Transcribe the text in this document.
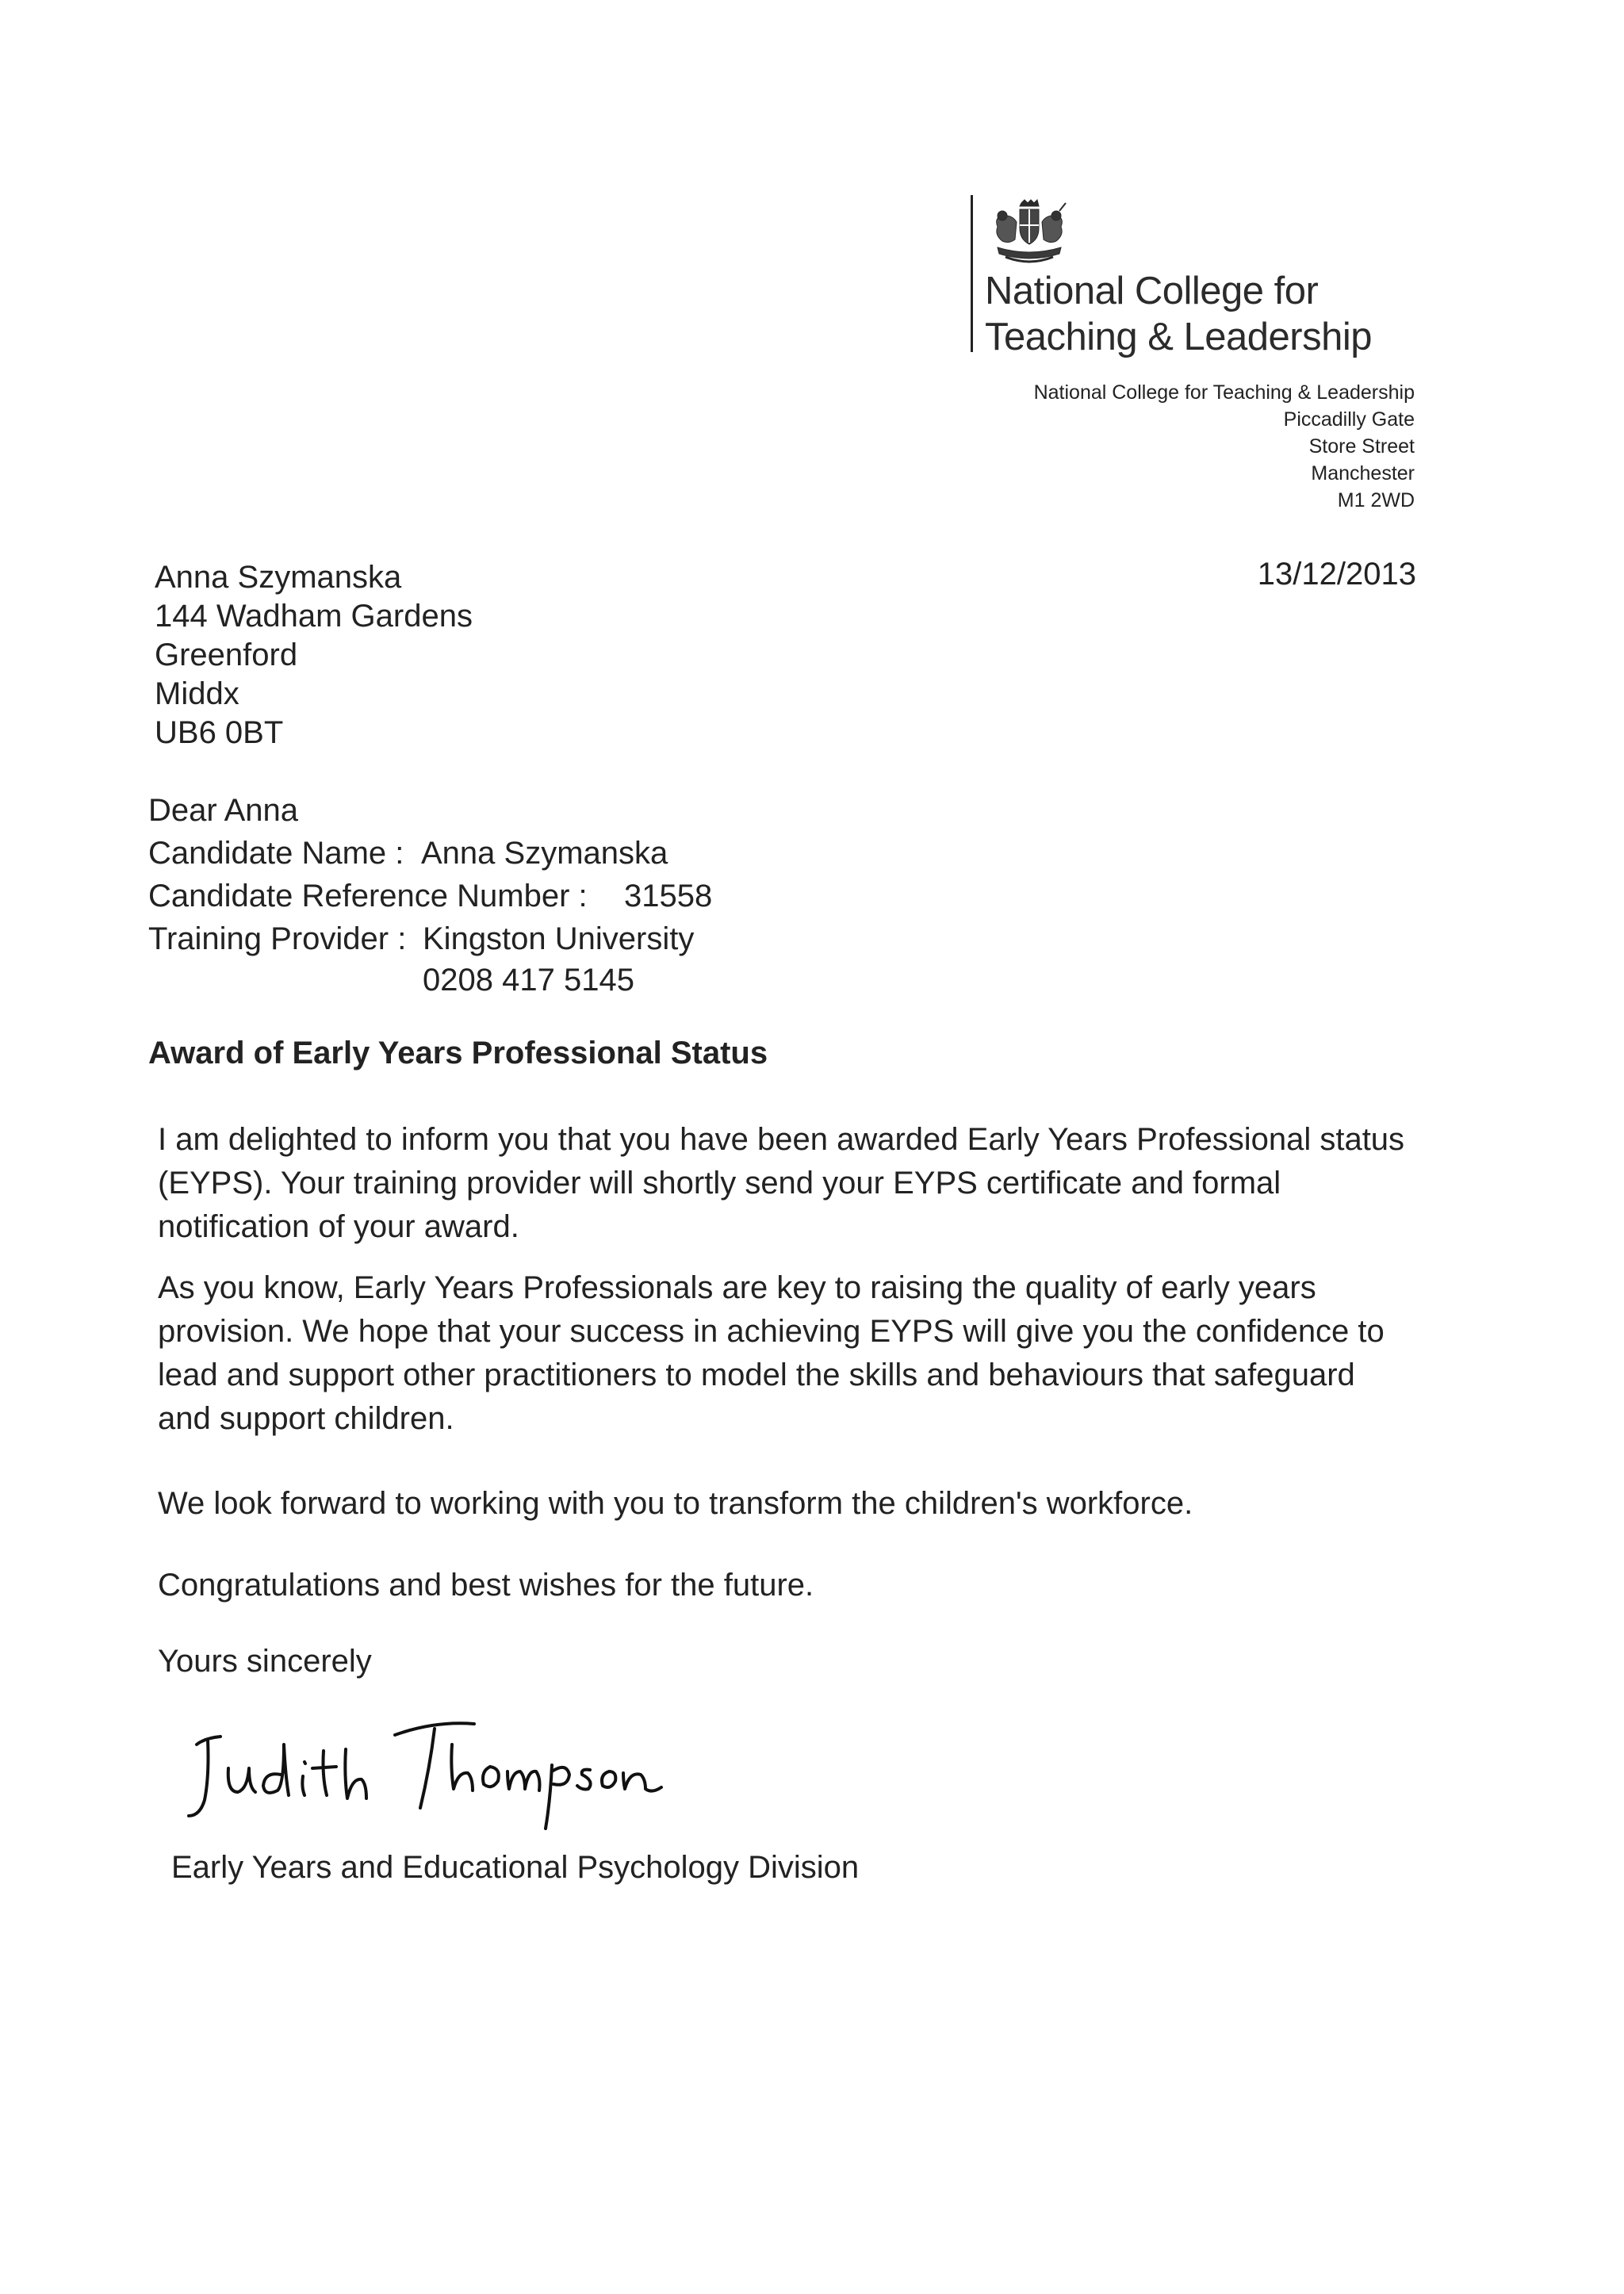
National College for
Teaching & Leadership
National College for Teaching & Leadership
Piccadilly Gate
Store Street
Manchester
M1 2WD
13/12/2013
Anna Szymanska
144 Wadham Gardens
Greenford
Middx
UB6 0BT
Dear Anna
Candidate Name : Anna Szymanska
Candidate Reference Number : 31558
Training Provider : Kingston University
0208 417 5145
Award of Early Years Professional Status
I am delighted to inform you that you have been awarded Early Years Professional status
(EYPS). Your training provider will shortly send your EYPS certificate and formal
notification of your award.
As you know, Early Years Professionals are key to raising the quality of early years
provision. We hope that your success in achieving EYPS will give you the confidence to
lead and support other practitioners to model the skills and behaviours that safeguard
and support children.
We look forward to working with you to transform the children's workforce.
Congratulations and best wishes for the future.
Yours sincerely
Early Years and Educational Psychology Division
